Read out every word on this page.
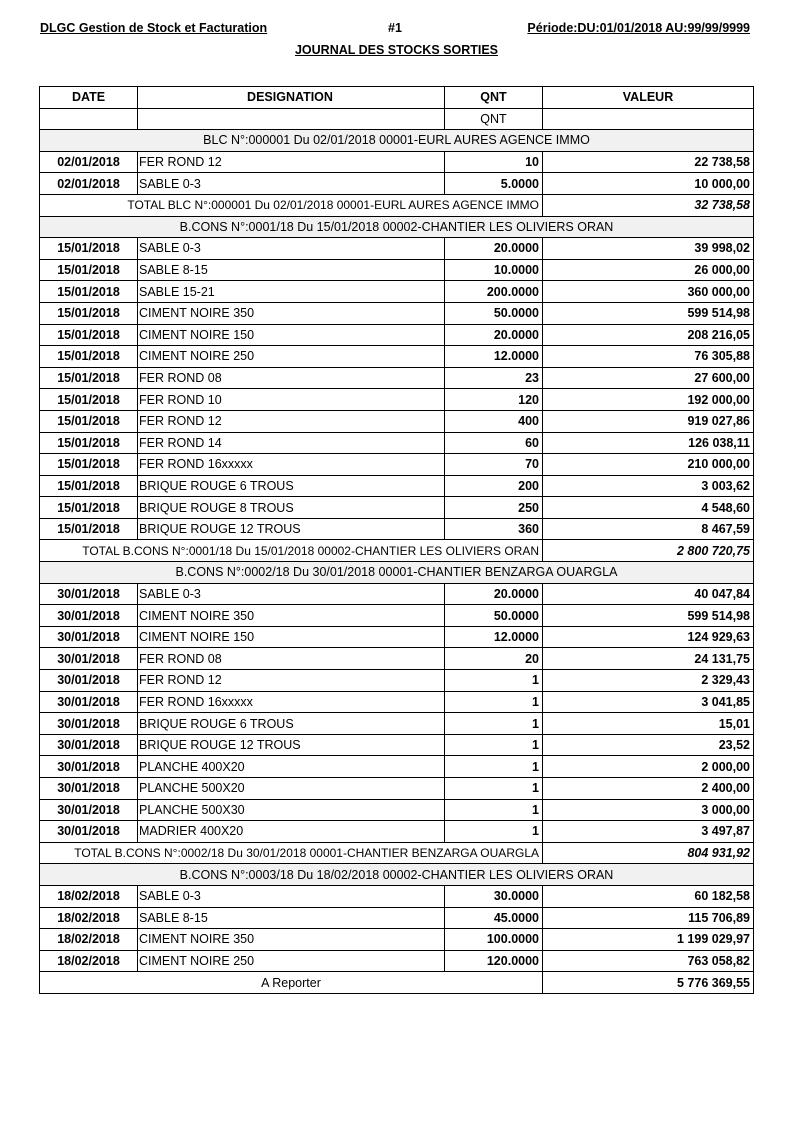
DLGC Gestion de Stock et Facturation	#1	Période:DU:01/01/2018 AU:99/99/9999
JOURNAL DES STOCKS SORTIES
DATE	DESIGNATION	QNT	VALEUR
		QNT	
BLC N°:000001 Du 02/01/2018 00001-EURL AURES AGENCE IMMO			
02/01/2018	FER ROND 12	10	22 738,58
02/01/2018	SABLE 0-3	5.0000	10 000,00
TOTAL BLC N°:000001 Du 02/01/2018 00001-EURL AURES AGENCE IMMO			32 738,58
B.CONS N°:0001/18 Du 15/01/2018 00002-CHANTIER LES OLIVIERS ORAN			
15/01/2018	SABLE 0-3	20.0000	39 998,02
15/01/2018	SABLE 8-15	10.0000	26 000,00
15/01/2018	SABLE 15-21	200.0000	360 000,00
15/01/2018	CIMENT NOIRE 350	50.0000	599 514,98
15/01/2018	CIMENT NOIRE 150	20.0000	208 216,05
15/01/2018	CIMENT NOIRE 250	12.0000	76 305,88
15/01/2018	FER ROND 08	23	27 600,00
15/01/2018	FER ROND 10	120	192 000,00
15/01/2018	FER ROND 12	400	919 027,86
15/01/2018	FER ROND 14	60	126 038,11
15/01/2018	FER ROND 16xxxxx	70	210 000,00
15/01/2018	BRIQUE ROUGE 6 TROUS	200	3 003,62
15/01/2018	BRIQUE ROUGE 8 TROUS	250	4 548,60
15/01/2018	BRIQUE ROUGE 12 TROUS	360	8 467,59
TOTAL B.CONS N°:0001/18 Du 15/01/2018 00002-CHANTIER LES OLIVIERS ORAN			2 800 720,75
B.CONS N°:0002/18 Du 30/01/2018 00001-CHANTIER BENZARGA OUARGLA			
30/01/2018	SABLE 0-3	20.0000	40 047,84
30/01/2018	CIMENT NOIRE 350	50.0000	599 514,98
30/01/2018	CIMENT NOIRE 150	12.0000	124 929,63
30/01/2018	FER ROND 08	20	24 131,75
30/01/2018	FER ROND 12	1	2 329,43
30/01/2018	FER ROND 16xxxxx	1	3 041,85
30/01/2018	BRIQUE ROUGE 6 TROUS	1	15,01
30/01/2018	BRIQUE ROUGE 12 TROUS	1	23,52
30/01/2018	PLANCHE 400X20	1	2 000,00
30/01/2018	PLANCHE 500X20	1	2 400,00
30/01/2018	PLANCHE 500X30	1	3 000,00
30/01/2018	MADRIER 400X20	1	3 497,87
TOTAL B.CONS N°:0002/18 Du 30/01/2018 00001-CHANTIER BENZARGA OUARGLA			804 931,92
B.CONS N°:0003/18 Du 18/02/2018 00002-CHANTIER LES OLIVIERS ORAN			
18/02/2018	SABLE 0-3	30.0000	60 182,58
18/02/2018	SABLE 8-15	45.0000	115 706,89
18/02/2018	CIMENT NOIRE 350	100.0000	1 199 029,97
18/02/2018	CIMENT NOIRE 250	120.0000	763 058,82
A Reporter			5 776 369,55
